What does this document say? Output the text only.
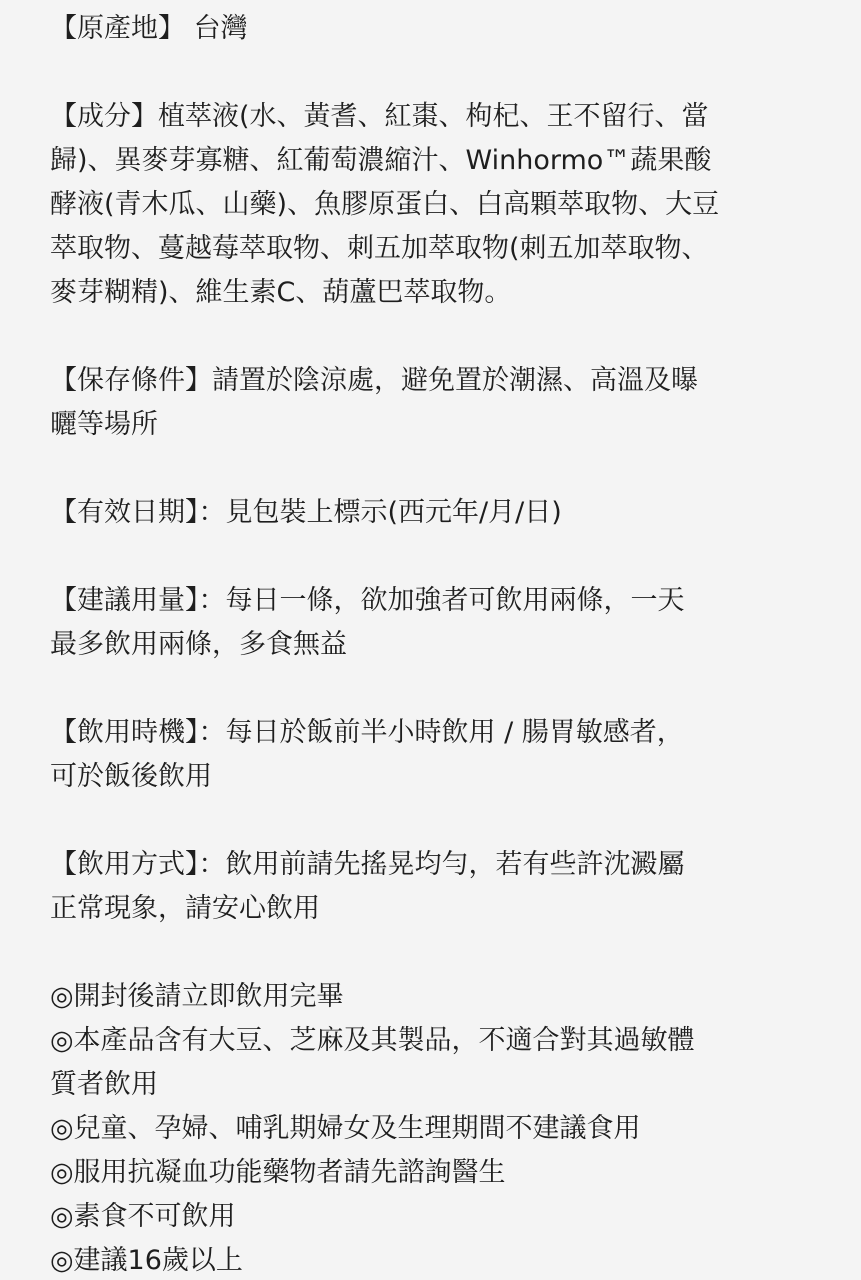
【原產地】 台灣

【成分】植萃液(水、黃耆、紅棗、枸杞、王不留行、當

歸)、異麥芽寡糖、紅葡萄濃縮汁、Winhormo™蔬果酸

酵液(青木瓜、山藥)、魚膠原蛋白、白高顆萃取物、大豆

萃取物、蔓越莓萃取物、刺五加萃取物(刺五加萃取物、

麥芽糊精)、維生素C、葫蘆巴萃取物。

【保存條件】請置於陰涼處，避免置於潮濕、高溫及曝

曬等場所

【有效日期】：見包裝上標示(西元年/月/日)

【建議用量】：每日一條，欲加強者可飲用兩條，一天

最多飲用兩條，多食無益

【飲用時機】：每日於飯前半小時飲用 / 腸胃敏感者，

可於飯後飲用

【飲用方式】：飲用前請先搖晃均勻，若有些許沈澱屬

正常現象，請安心飲用

◎開封後請立即飲用完畢

◎本產品含有大豆、芝麻及其製品，不適合對其過敏體

質者飲用

◎兒童、孕婦、哺乳期婦女及生理期間不建議食用

◎服用抗凝血功能藥物者請先諮詢醫生

◎素食不可飲用

◎建議16歲以上
